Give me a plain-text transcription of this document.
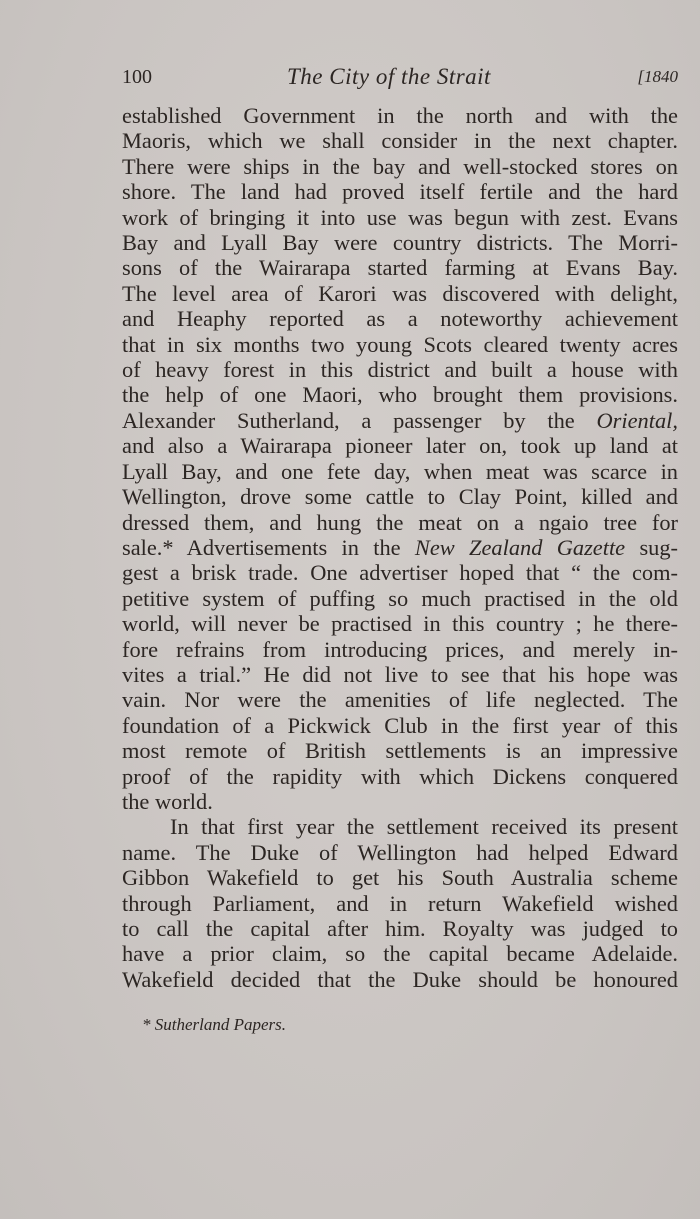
100	The City of the Strait	[1840
established Government in the north and with the
Maoris, which we shall consider in the next chapter.
There were ships in the bay and well-stocked stores on
shore. The land had proved itself fertile and the hard
work of bringing it into use was begun with zest. Evans
Bay and Lyall Bay were country districts. The Morri-
sons of the Wairarapa started farming at Evans Bay.
The level area of Karori was discovered with delight,
and Heaphy reported as a noteworthy achievement
that in six months two young Scots cleared twenty acres
of heavy forest in this district and built a house with
the help of one Maori, who brought them provisions.
Alexander Sutherland, a passenger by the Oriental,
and also a Wairarapa pioneer later on, took up land at
Lyall Bay, and one fete day, when meat was scarce in
Wellington, drove some cattle to Clay Point, killed and
dressed them, and hung the meat on a ngaio tree for
sale.* Advertisements in the New Zealand Gazette sug-
gest a brisk trade. One advertiser hoped that “ the com-
petitive system of puffing so much practised in the old
world, will never be practised in this country ; he there-
fore refrains from introducing prices, and merely in-
vites a trial.” He did not live to see that his hope was
vain. Nor were the amenities of life neglected. The
foundation of a Pickwick Club in the first year of this
most remote of British settlements is an impressive
proof of the rapidity with which Dickens conquered
the world.
In that first year the settlement received its present
name. The Duke of Wellington had helped Edward
Gibbon Wakefield to get his South Australia scheme
through Parliament, and in return Wakefield wished
to call the capital after him. Royalty was judged to
have a prior claim, so the capital became Adelaide.
Wakefield decided that the Duke should be honoured
* Sutherland Papers.
